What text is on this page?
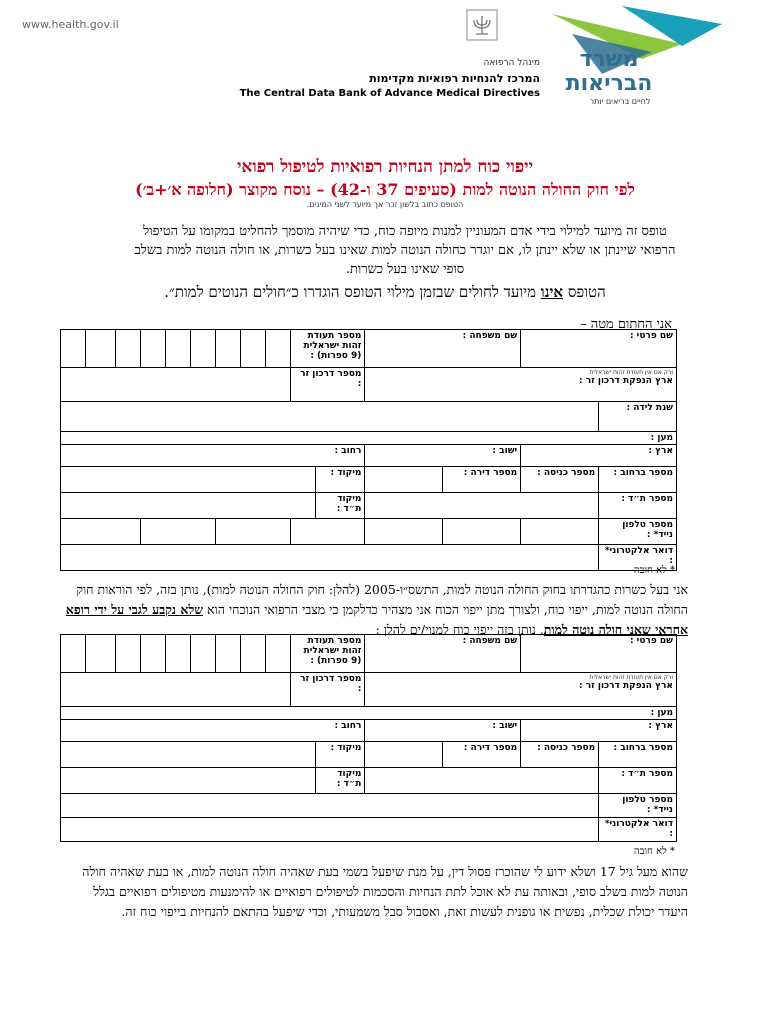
www.health.gov.il
משרד
הבריאות
לחיים בריאים יותר
מינהל הרפואה
המרכז להנחיות רפואיות מקדימות
The Central Data Bank of Advance Medical Directives
ייפוי כוח למתן הנחיות רפואיות לטיפול רפואי
לפי חוק החולה הנוטה למות (סעיפים 37 ו-42) – נוסח מקוצר (חלופה א׳+ב׳)
הטופס כתוב בלשון זכר אך מיועד לשני המינים.
טופס זה מיועד למילוי בידי אדם המעוניין למנות מיופה כוח, כדי שיהיה מוסמך להחליט במקומו על הטיפול הרפואי שיינתן או שלא יינתן לו, אם יוגדר כחולה הנוטה למות שאינו בעל כשרות, או חולה הנוטה למות בשלב סופי שאינו בעל כשרות.
הטופס אינו מיועד לחולים שבזמן מילוי הטופס הוגדרו כ״חולים הנוטים למות״.
אני החתום מטה –
שם פרטי :		שם משפחה :		מספר תעודת זהות ישראלית (9 ספרות) :										

ורק אם אין תעודת זהות ישראלית
ארץ הנפקת דרכון זר :				מספר דרכון זר :										
שנת לידה :														
מען :														
ארץ :		ישוב :		רחוב :										
מספר ברחוב :	מספר כניסה :	מספר דירה :		מיקוד :										
מספר ת״ד :				מיקוד ת״ד :										
מספר טלפון נייד* :														
דואר אלקטרוני* :														
* לא חובה
אני בעל כשרות כהגדרתו בחוק החולה הנוטה למות, התשס״ו-2005 (להלן: חוק החולה הנוטה למות), נותן בזה, לפי הוראות חוק החולה הנוטה למות, ייפוי כוח, ולצורך מתן ייפוי הכוח אני מצהיר כדלקמן כי מצבי הרפואי הנוכחי הוא שלא נקבע לגבי על ידי רופא אחראי שאני חולה נוטה למות, נותן בזה ייפוי כוח למנוי/ים להלן :
שם פרטי :		שם משפחה :		מספר תעודת זהות ישראלית (9 ספרות) :										

ורק אם אין תעודת זהות ישראלית
ארץ הנפקת דרכון זר :				מספר דרכון זר :										
מען :														
ארץ :		ישוב :		רחוב :										
מספר ברחוב :	מספר כניסה :	מספר דירה :		מיקוד :										
מספר ת״ד :				מיקוד ת״ד :										
מספר טלפון נייד* :														
דואר אלקטרוני* :														
* לא חובה
שהוא מעל גיל 17 ושלא ידוע לי שהוכרז פסול דין, על מנת שיפעל בשמי בעת שאהיה חולה הנוטה למות, או בעת שאהיה חולה הנוטה למות בשלב סופי, ובאותה עת לא אוכל לתת הנחיות והסכמות לטיפולים רפואיים או להימנעות מטיפולים רפואיים בגלל היעדר יכולת שכלית, נפשית או גופנית לעשות זאת, ואסבול סבל משמעותי, וכדי שיפעל בהתאם להנחיות בייפוי כוח זה.
